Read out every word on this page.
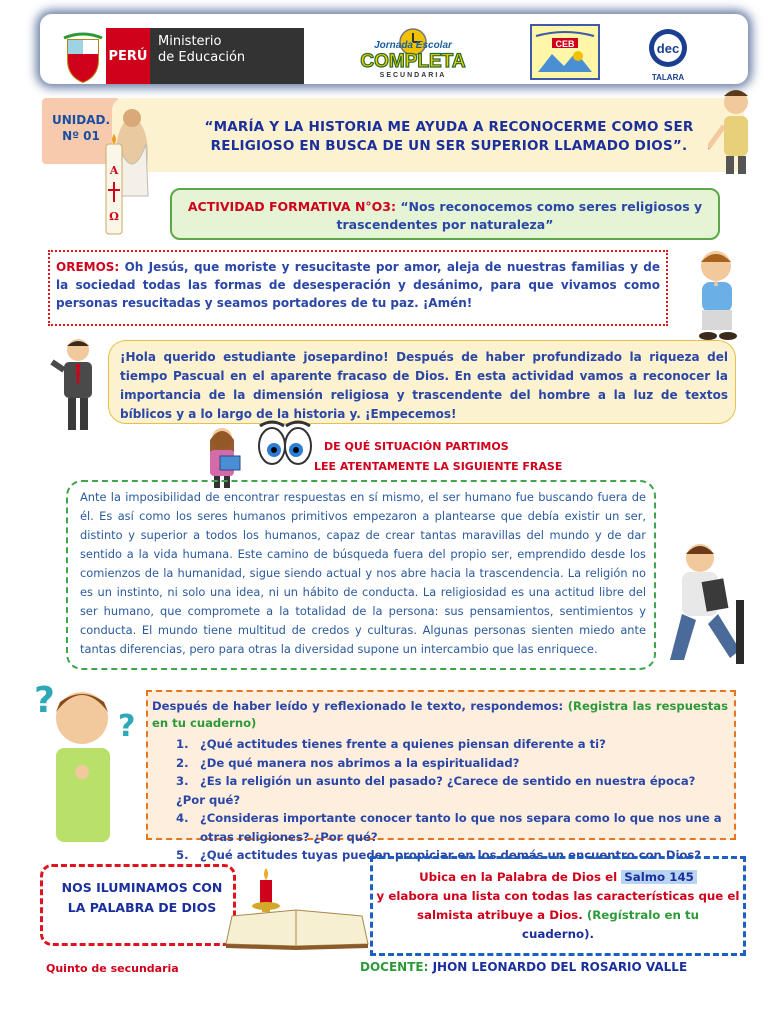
PERÚ
Ministerio
de Educación
Jornada Escolar
COMPLETA
SECUNDARIA
CEB	dec
TALARA
UNIDAD.
Nº 01
A
Ω
“MARÍA Y LA HISTORIA ME AYUDA A RECONOCERME COMO SER RELIGIOSO EN BUSCA DE UN SER SUPERIOR LLAMADO DIOS”.
ACTIVIDAD FORMATIVA N°O3: “Nos reconocemos como seres religiosos y trascendentes por naturaleza”
OREMOS: Oh Jesús, que moriste y resucitaste por amor, aleja de nuestras familias y de la sociedad todas las formas de desesperación y desánimo, para que vivamos como personas resucitadas y seamos portadores de tu paz. ¡Amén!
¡Hola querido estudiante josepardino! Después de haber profundizado la riqueza del tiempo Pascual en el aparente fracaso de Dios. En esta actividad vamos a reconocer la importancia de la dimensión religiosa y trascendente del hombre a la luz de textos bíblicos y a lo largo de la historia y. ¡Empecemos!
DE QUÉ SITUACIÓN PARTIMOS
LEE ATENTAMENTE LA SIGUIENTE FRASE
Ante la imposibilidad de encontrar respuestas en sí mismo, el ser humano fue buscando fuera de él. Es así como los seres humanos primitivos empezaron a plantearse que debía existir un ser, distinto y superior a todos los humanos, capaz de crear tantas maravillas del mundo y de dar sentido a la vida humana. Este camino de búsqueda fuera del propio ser, emprendido desde los comienzos de la humanidad, sigue siendo actual y nos abre hacia la trascendencia. La religión no es un instinto, ni solo una idea, ni un hábito de conducta. La religiosidad es una actitud libre del ser humano, que compromete a la totalidad de la persona: sus pensamientos, sentimientos y conducta. El mundo tiene multitud de credos y culturas. Algunas personas sienten miedo ante tantas diferencias, pero para otras la diversidad supone un intercambio que las enriquece.
?
?
Después de haber leído y reflexionado le texto, respondemos: (Registra las respuestas en tu cuaderno)
1. ¿Qué actitudes tienes frente a quienes piensan diferente a ti?
2. ¿De qué manera nos abrimos a la espiritualidad?
3. ¿Es la religión un asunto del pasado? ¿Carece de sentido en nuestra época? ¿Por qué?
4. ¿Consideras importante conocer tanto lo que nos separa como lo que nos une a otras religiones? ¿Por qué?
5. ¿Qué actitudes tuyas pueden propiciar en los demás un encuentro con Dios?
NOS ILUMINAMOS CON LA PALABRA DE DIOS
Ubica en la Palabra de Dios el Salmo 145
y elabora una lista con todas las características que el salmista atribuye a Dios. (Regístralo en tu
cuaderno).
Quinto de secundaria	DOCENTE: JHON LEONARDO DEL ROSARIO VALLE
